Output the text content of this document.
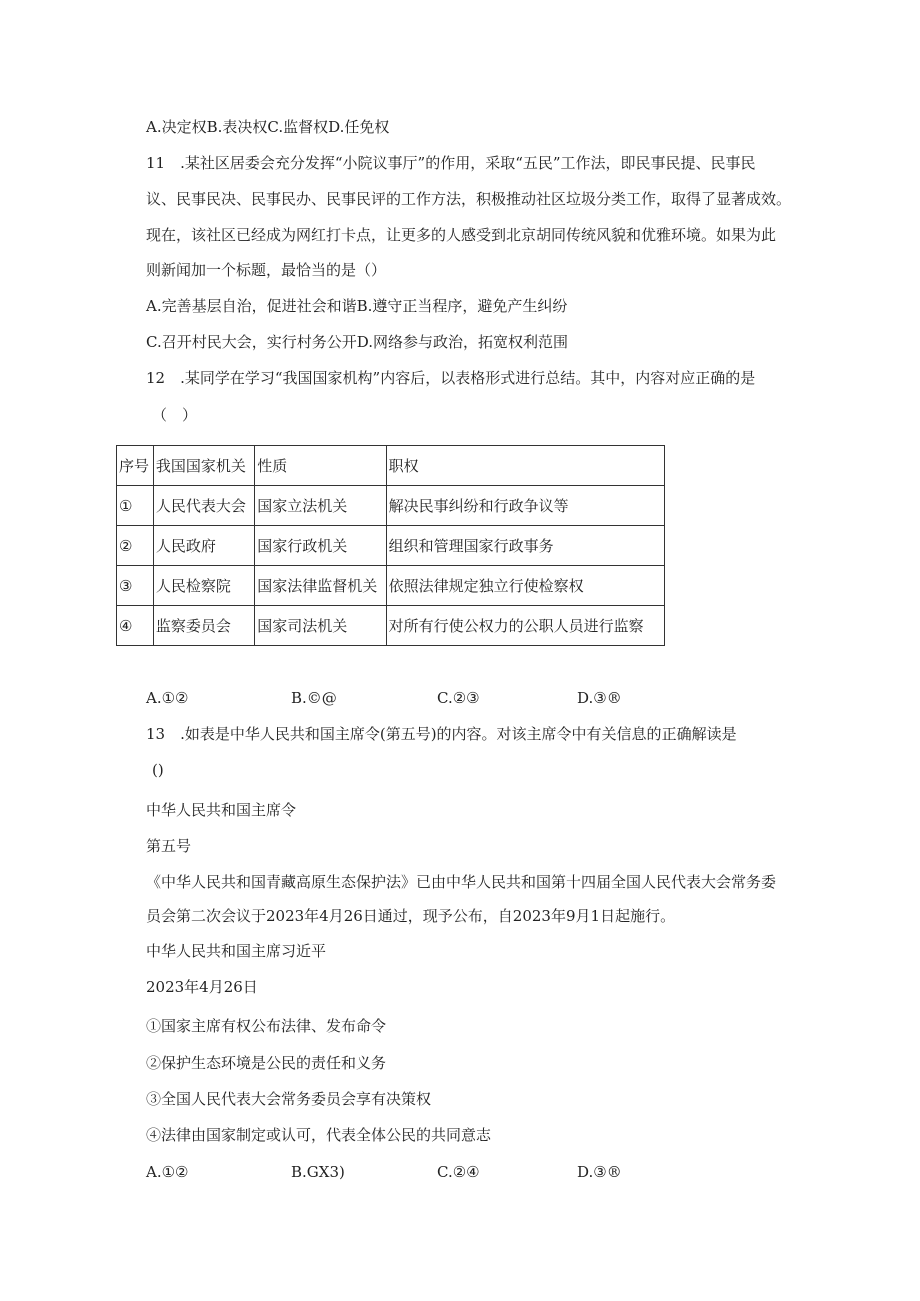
A.决定权B.表决权C.监督权D.任免权
11　.某社区居委会充分发挥“小院议事厅”的作用，采取“五民”工作法，即民事民提、民事民
议、民事民决、民事民办、民事民评的工作方法，积极推动社区垃圾分类工作，取得了显著成效。
现在，该社区已经成为网红打卡点，让更多的人感受到北京胡同传统风貌和优雅环境。如果为此
则新闻加一个标题，最恰当的是（）
A.完善基层自治，促进社会和谐B.遵守正当程序，避免产生纠纷
C.召开村民大会，实行村务公开D.网络参与政治，拓宽权利范围
12　.某同学在学习“我国国家机构”内容后，以表格形式进行总结。其中，内容对应正确的是
（　）
序号	我国国家机关	性质	职权
①	人民代表大会	国家立法机关	解决民事纠纷和行政争议等
②	人民政府	国家行政机关	组织和管理国家行政事务
③	人民检察院	国家法律监督机关	依照法律规定独立行使检察权
④	监察委员会	国家司法机关	对所有行使公权力的公职人员进行监察
A.①②	B.©@	C.②③	D.③®
13　.如表是中华人民共和国主席令(第五号)的内容。对该主席令中有关信息的正确解读是
()
中华人民共和国主席令
第五号
《中华人民共和国青藏高原生态保护法》已由中华人民共和国第十四届全国人民代表大会常务委
员会第二次会议于2023年4月26日通过，现予公布，自2023年9月1日起施行。
中华人民共和国主席习近平
2023年4月26日
①国家主席有权公布法律、发布命令
②保护生态环境是公民的责任和义务
③全国人民代表大会常务委员会享有决策权
④法律由国家制定或认可，代表全体公民的共同意志
A.①②	B.GX3)	C.②④	D.③®
